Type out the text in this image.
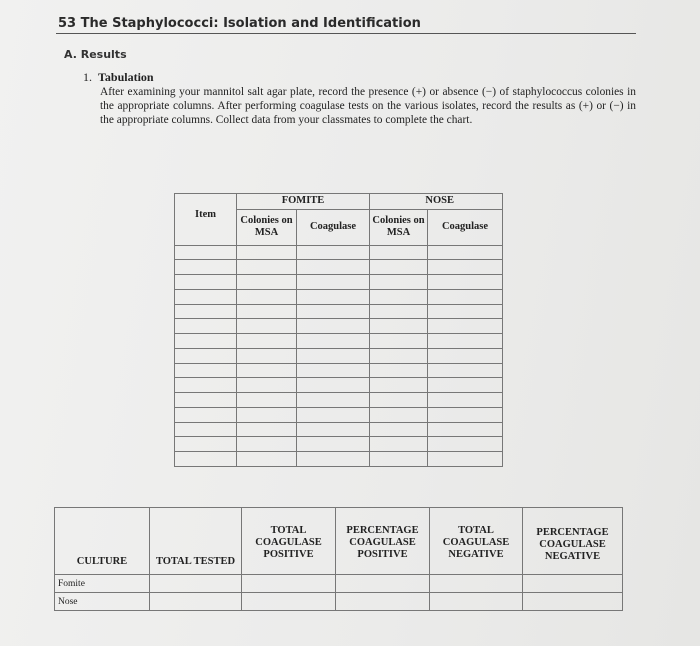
53 The Staphylococci: Isolation and Identification
A. Results
1. Tabulation
After examining your mannitol salt agar plate, record the presence (+) or absence (−) of staphylococcus colonies in the appropriate columns. After performing coagulase tests on the various isolates, record the results as (+) or (−) in the appropriate columns. Collect data from your classmates to complete the chart.
	FOMITE		NOSE	
Item	Colonies on MSA	Coagulase	Colonies on MSA	Coagulase

CULTURE	TOTAL TESTED	TOTAL COAGULASE POSITIVE	PERCENTAGE COAGULASE POSITIVE	TOTAL COAGULASE NEGATIVE	PERCENTAGE COAGULASE NEGATIVE
Fomite					
Nose					
